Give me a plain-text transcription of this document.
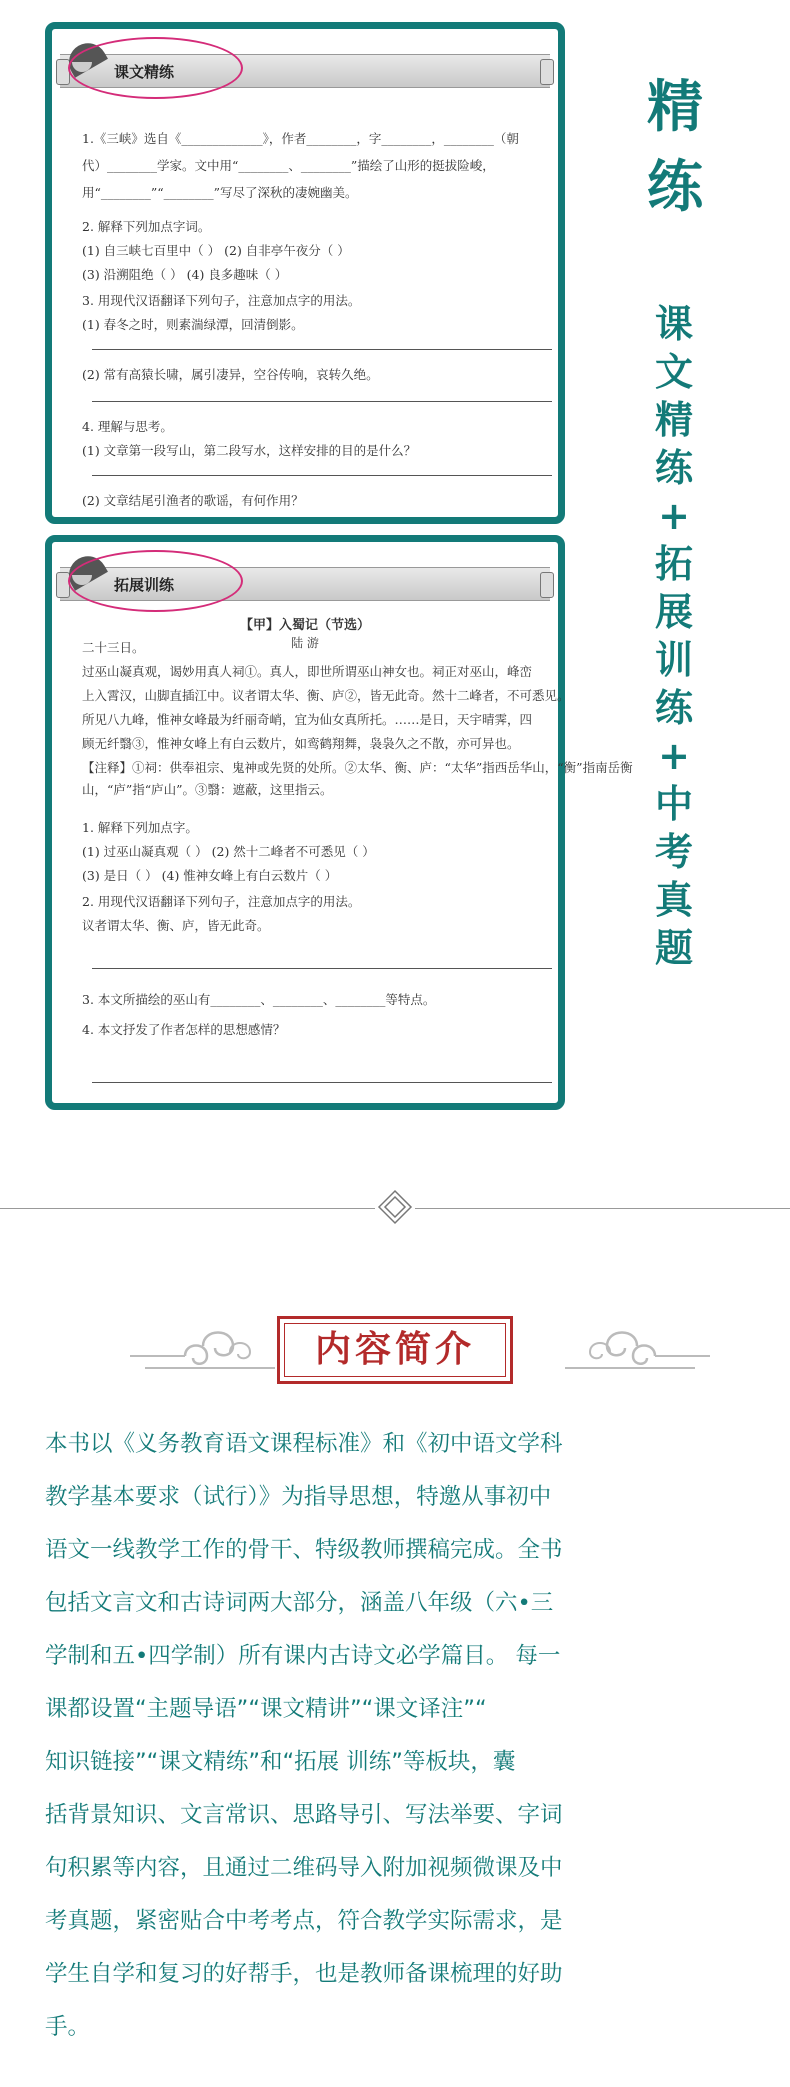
课文精练
1.《三峡》选自《_____________》，作者________，字________，________（朝
代）________学家。文中用“________、________”描绘了山形的挺拔险峻，
用“________”“________”写尽了深秋的凄婉幽美。
2. 解释下列加点字词。
(1) 自三峡七百里中（ ） (2) 自非亭午夜分（ ）
(3) 沿溯阻绝（ ） (4) 良多趣味（ ）
3. 用现代汉语翻译下列句子，注意加点字的用法。
(1) 春冬之时，则素湍绿潭，回清倒影。
(2) 常有高猿长啸，属引凄异，空谷传响，哀转久绝。
4. 理解与思考。
(1) 文章第一段写山，第二段写水，这样安排的目的是什么？
(2) 文章结尾引渔者的歌谣，有何作用？
拓展训练
【甲】入蜀记（节选）
陆 游
二十三日。
过巫山凝真观，谒妙用真人祠①。真人，即世所谓巫山神女也。祠正对巫山，峰峦
上入霄汉，山脚直插江中。议者谓太华、衡、庐②，皆无此奇。然十二峰者，不可悉见。
所见八九峰，惟神女峰最为纤丽奇峭，宜为仙女真所托。……是日，天宇晴霁，四
顾无纤翳③，惟神女峰上有白云数片，如鸾鹤翔舞，袅袅久之不散，亦可异也。
【注释】①祠：供奉祖宗、鬼神或先贤的处所。②太华、衡、庐：“太华”指西岳华山，“衡”指南岳衡
山，“庐”指“庐山”。③翳：遮蔽，这里指云。
1. 解释下列加点字。
(1) 过巫山凝真观（ ） (2) 然十二峰者不可悉见（ ）
(3) 是日（ ） (4) 惟神女峰上有白云数片（ ）
2. 用现代汉语翻译下列句子，注意加点字的用法。
议者谓太华、衡、庐，皆无此奇。
3. 本文所描绘的巫山有________、________、________等特点。
4. 本文抒发了作者怎样的思想感情？
精
练
课
文
精
练
+
拓
展
训
练
+
中
考
真
题
内容简介
本书以《义务教育语文课程标准》和《初中语文学科
教学基本要求（试行）》为指导思想，特邀从事初中
语文一线教学工作的骨干、特级教师撰稿完成。全书
包括文言文和古诗词两大部分，涵盖八年级（六•三
学制和五•四学制）所有课内古诗文必学篇目。 每一
课都设置“主题导语”“课文精讲”“课文译注”“
知识链接”“课文精练”和“拓展 训练”等板块，囊
括背景知识、文言常识、思路导引、写法举要、字词
句积累等内容，且通过二维码导入附加视频微课及中
考真题，紧密贴合中考考点，符合教学实际需求，是
学生自学和复习的好帮手，也是教师备课梳理的好助
手。
